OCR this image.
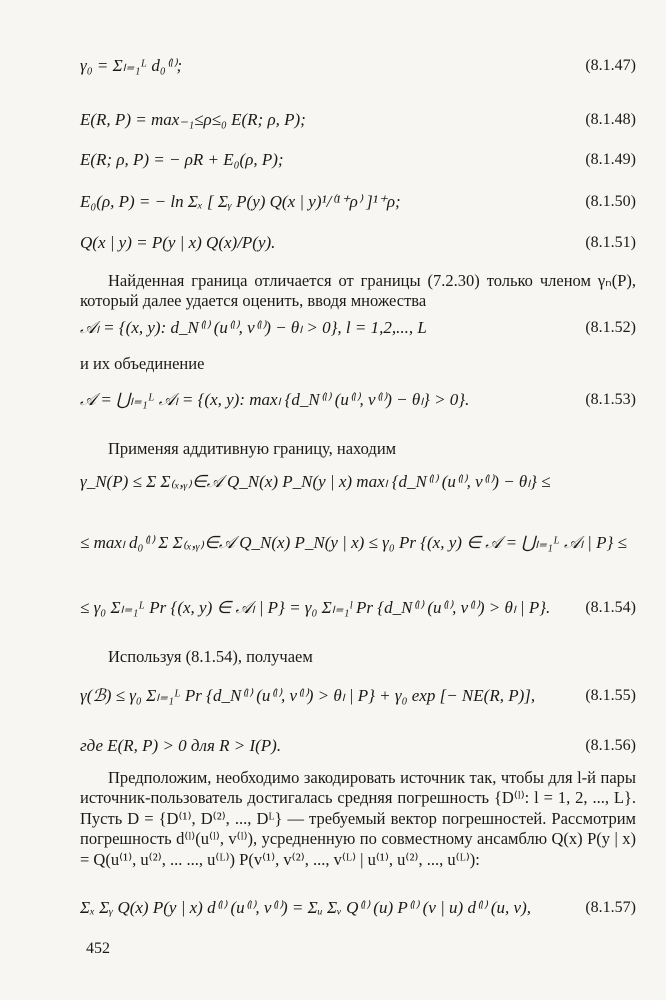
γ₀ = Σₗ₌₁ᴸ d₀⁽ˡ⁾;	(8.1.47)
E(R, P) = max₋₁≤ρ≤₀ E(R; ρ, P);	(8.1.48)
E(R; ρ, P) = − ρR + E₀(ρ, P);	(8.1.49)
E₀(ρ, P) = − ln Σₓ [ Σᵧ P(y) Q(x | y)¹/⁽¹⁺ρ⁾ ]¹⁺ρ;	(8.1.50)
Q(x | y) = P(y | x) Q(x)/P(y).	(8.1.51)

Найденная граница отличается от границы (7.2.30) только членом γₙ(P), который далее удается оценить, вводя множества

𝒜ₗ = {(x, y): d_N⁽ˡ⁾ (u⁽ˡ⁾, v⁽ˡ⁾) − θₗ > 0}, l = 1,2,..., L	(8.1.52)

и их объединение

𝒜 = ⋃ₗ₌₁ᴸ 𝒜ₗ = {(x, y): maxₗ {d_N⁽ˡ⁾ (u⁽ˡ⁾, v⁽ˡ⁾) − θₗ} > 0}.	(8.1.53)

Применяя аддитивную границу, находим

γ_N(P) ≤ Σ Σ₍ₓ,ᵧ₎∈𝒜 Q_N(x) P_N(y | x) maxₗ {d_N⁽ˡ⁾ (u⁽ˡ⁾, v⁽ˡ⁾) − θₗ} ≤
≤ maxₗ d₀⁽ˡ⁾ Σ Σ₍ₓ,ᵧ₎∈𝒜 Q_N(x) P_N(y | x) ≤ γ₀ Pr {(x, y) ∈ 𝒜 = ⋃ₗ₌₁ᴸ 𝒜ₗ | P} ≤
≤ γ₀ Σₗ₌₁ᴸ Pr {(x, y) ∈ 𝒜ₗ | P} = γ₀ Σₗ₌₁ˡ Pr {d_N⁽ˡ⁾ (u⁽ˡ⁾, v⁽ˡ⁾) > θₗ | P}. (8.1.54)

Используя (8.1.54), получаем

γ(ℬ) ≤ γ₀ Σₗ₌₁ᴸ Pr {d_N⁽ˡ⁾ (u⁽ˡ⁾, v⁽ˡ⁾) > θₗ | P} + γ₀ exp [− NE(R, P)],	(8.1.55)
где E(R, P) > 0 для R > I(P).	(8.1.56)

Предположим, необходимо закодировать источник так, чтобы для l-й пары источник-пользователь достигалась средняя погрешность {D⁽ˡ⁾: l = 1, 2, ..., L}. Пусть D = {D⁽¹⁾, D⁽²⁾, ..., Dᴸ} — требуемый вектор погрешностей. Рассмотрим погрешность d⁽ˡ⁾(u⁽ˡ⁾, v⁽ˡ⁾), усредненную по совместному ансамблю Q(x) P(y | x) = Q(u⁽¹⁾, u⁽²⁾, ... ..., u⁽ᴸ⁾) P(v⁽¹⁾, v⁽²⁾, ..., v⁽ᴸ⁾ | u⁽¹⁾, u⁽²⁾, ..., u⁽ᴸ⁾):

Σₓ Σᵧ Q(x) P(y | x) d⁽ˡ⁾ (u⁽ˡ⁾, v⁽ˡ⁾) = Σᵤ Σᵥ Q⁽ˡ⁾ (u) P⁽ˡ⁾ (v | u) d⁽ˡ⁾ (u, v),	(8.1.57)
452
